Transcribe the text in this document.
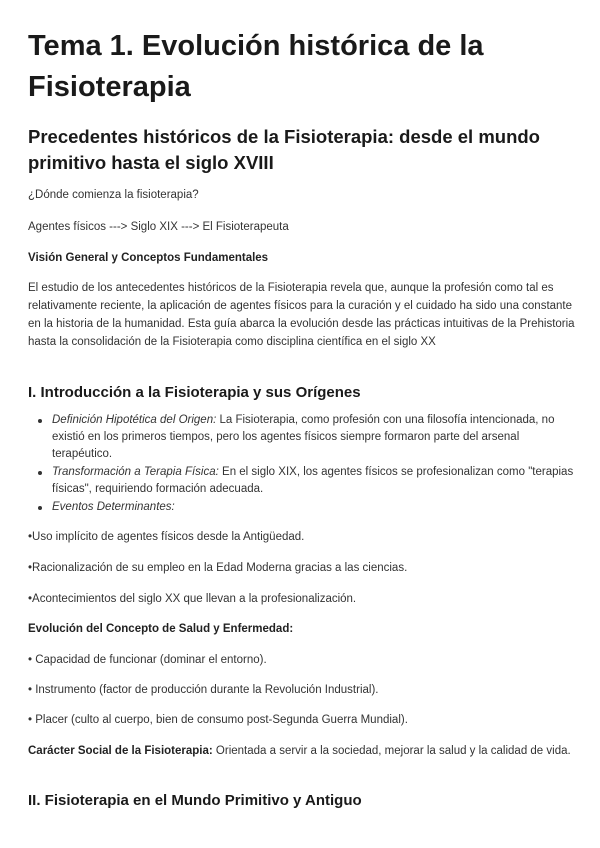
Tema 1. Evolución histórica de la Fisioterapia
Precedentes históricos de la Fisioterapia: desde el mundo primitivo hasta el siglo XVIII

¿Dónde comienza la fisioterapia?

Agentes físicos ---> Siglo XIX ---> El Fisioterapeuta

Visión General y Conceptos Fundamentales

El estudio de los antecedentes históricos de la Fisioterapia revela que, aunque la profesión como tal es relativamente reciente, la aplicación de agentes físicos para la curación y el cuidado ha sido una constante en la historia de la humanidad. Esta guía abarca la evolución desde las prácticas intuitivas de la Prehistoria hasta la consolidación de la Fisioterapia como disciplina científica en el siglo XX

I. Introducción a la Fisioterapia y sus Orígenes
Definición Hipotética del Origen: La Fisioterapia, como profesión con una filosofía intencionada, no existió en los primeros tiempos, pero los agentes físicos siempre formaron parte del arsenal terapéutico.
Transformación a Terapia Física: En el siglo XIX, los agentes físicos se profesionalizan como "terapias físicas", requiriendo formación adecuada.
Eventos Determinantes:

•Uso implícito de agentes físicos desde la Antigüedad.

•Racionalización de su empleo en la Edad Moderna gracias a las ciencias.

•Acontecimientos del siglo XX que llevan a la profesionalización.

Evolución del Concepto de Salud y Enfermedad:

• Capacidad de funcionar (dominar el entorno).

• Instrumento (factor de producción durante la Revolución Industrial).

• Placer (culto al cuerpo, bien de consumo post-Segunda Guerra Mundial).

Carácter Social de la Fisioterapia: Orientada a servir a la sociedad, mejorar la salud y la calidad de vida.

II. Fisioterapia en el Mundo Primitivo y Antiguo
